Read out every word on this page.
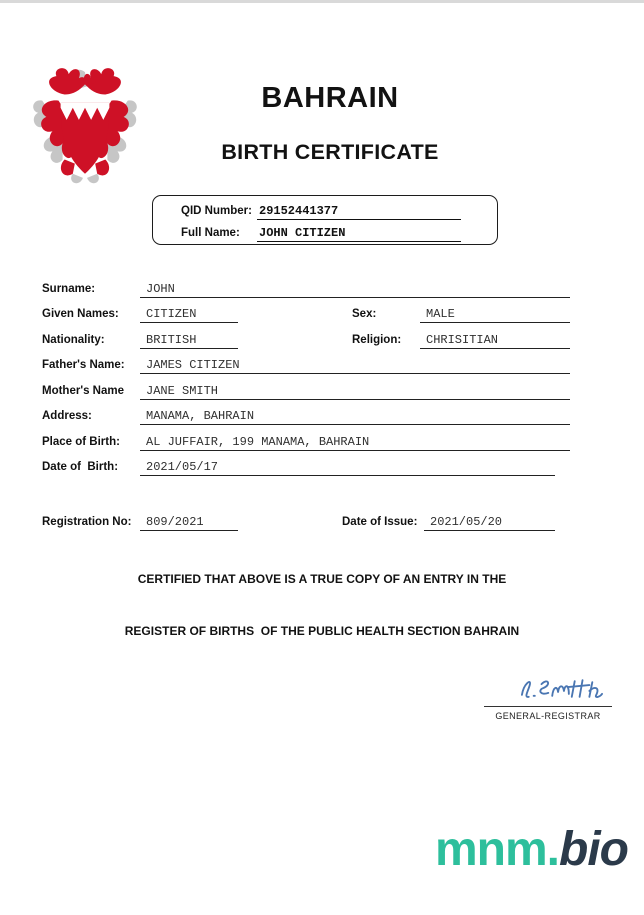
BAHRAIN
BIRTH CERTIFICATE
QID Number: 29152441377
Full Name:	JOHN CITIZEN
Surname:	JOHN
Given Names:	CITIZEN	Sex:	MALE
Nationality:	BRITISH	Religion:	CHRISITIAN
Father's Name:	JAMES CITIZEN
Mother's Name	JANE SMITH
Address:	MANAMA, BAHRAIN
Place of Birth:	AL JUFFAIR, 199 MANAMA, BAHRAIN
Date of  Birth:	2021/05/17
Registration No:	809/2021	Date of Issue:	2021/05/20
CERTIFIED THAT ABOVE IS A TRUE COPY OF AN ENTRY IN THE
REGISTER OF BIRTHS  OF THE PUBLIC HEALTH SECTION BAHRAIN
GENERAL-REGISTRAR
mnm.bio
